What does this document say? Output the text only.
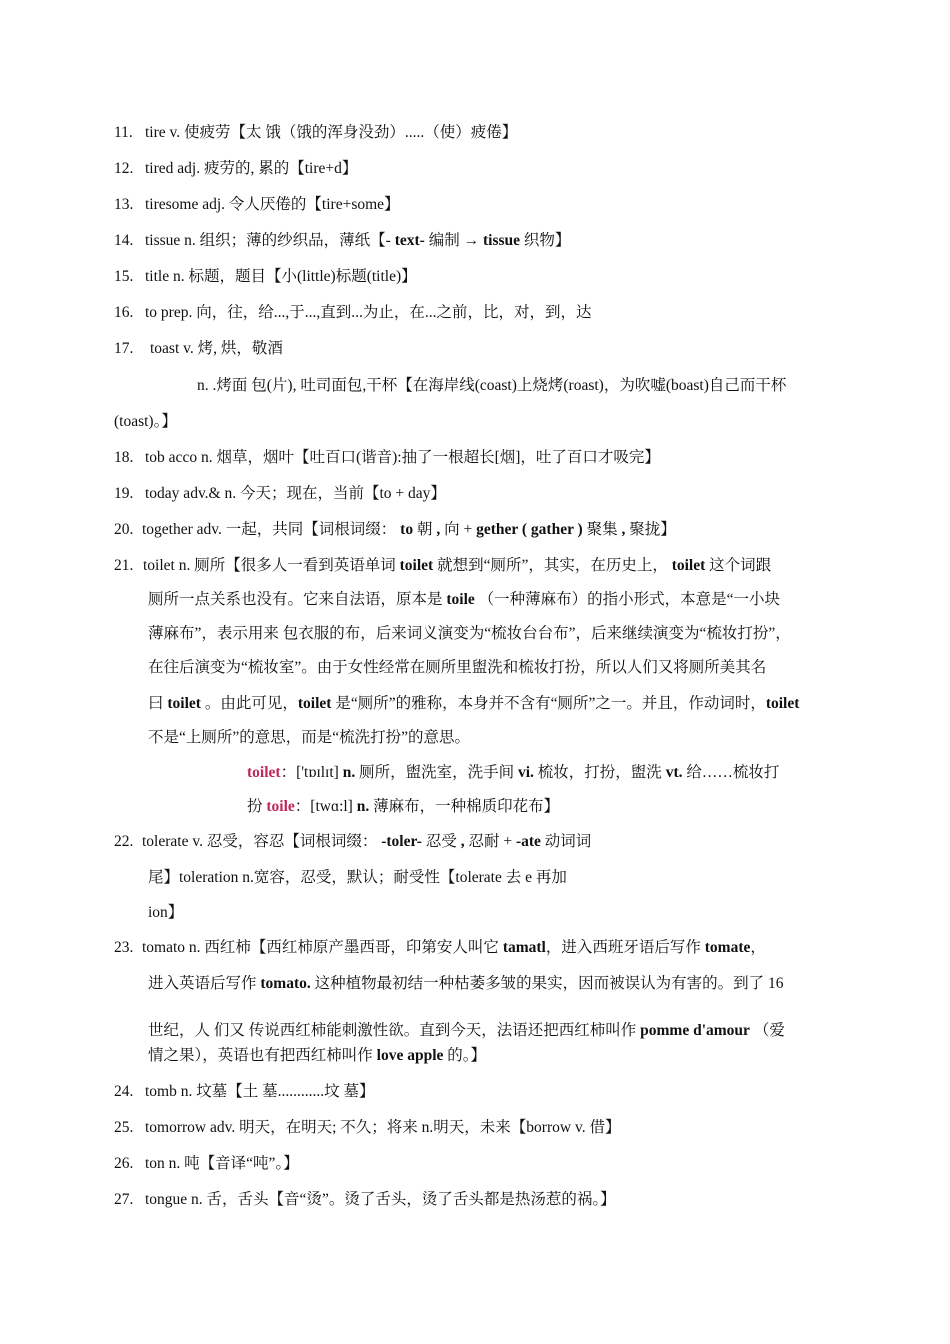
11. tire v. 使疲劳【太 饿（饿的浑身没劲）.....（使）疲倦】
12. tired adj. 疲劳的, 累的【tire+d】
13. tiresome adj. 令人厌倦的【tire+some】
14. tissue n. 组织；薄的纱织品，薄纸【- text- 编制 → tissue 织物】
15. title n. 标题，题目【小(little)标题(title)】
16. to prep. 向，往，给...,于...,直到...为止，在...之前，比，对，到，达
17. toast v. 烤, 烘，敬酒
n. .烤面 包(片), 吐司面包,干杯【在海岸线(coast)上烧烤(roast)，为吹嘘(boast)自己而干杯
(toast)。】
18. tob acco n. 烟草，烟叶【吐百口(谐音):抽了一根超长[烟]，吐了百口才吸完】
19. today adv.& n. 今天；现在，当前【to + day】
20. together adv. 一起，共同【词根词缀： to 朝 , 向 + gether ( gather ) 聚集 , 聚拢】
21. toilet n. 厕所【很多人一看到英语单词 toilet 就想到“厕所”，其实，在历史上， toilet 这个词跟
厕所一点关系也没有。它来自法语，原本是 toile （一种薄麻布）的指小形式，本意是“一小块
薄麻布”，表示用来 包衣服的布，后来词义演变为“梳妆台台布”，后来继续演变为“梳妆打扮”，
在往后演变为“梳妆室”。由于女性经常在厕所里盥洗和梳妆打扮，所以人们又将厕所美其名
曰 toilet 。由此可见，toilet 是“厕所”的雅称，本身并不含有“厕所”之一。并且，作动词时，toilet
不是“上厕所”的意思，而是“梳洗打扮”的意思。
toilet：['tɒɪlɪt] n. 厕所，盥洗室，洗手间 vi. 梳妆，打扮，盥洗 vt. 给……梳妆打
扮 toile：[twɑ:l] n. 薄麻布，一种棉质印花布】
22. tolerate v. 忍受，容忍【词根词缀： -toler- 忍受 , 忍耐 + -ate 动词词
尾】toleration n.宽容，忍受，默认；耐受性【tolerate 去 e 再加
ion】
23. tomato n. 西红柿【西红柿原产墨西哥，印第安人叫它 tamatl，进入西班牙语后写作 tomate，
进入英语后写作 tomato. 这种植物最初结一种枯萎多皱的果实，因而被误认为有害的。到了 16
世纪，人 们又 传说西红柿能刺激性欲。直到今天，法语还把西红柿叫作 pomme d'amour （爱
情之果），英语也有把西红柿叫作 love apple 的。】
24. tomb n. 坟墓【土 墓............坟 墓】
25. tomorrow adv. 明天，在明天; 不久；将来 n.明天，未来【borrow v. 借】
26. ton n. 吨【音译“吨”。】
27. tongue n. 舌，舌头【音“烫”。烫了舌头，烫了舌头都是热汤惹的祸。】
